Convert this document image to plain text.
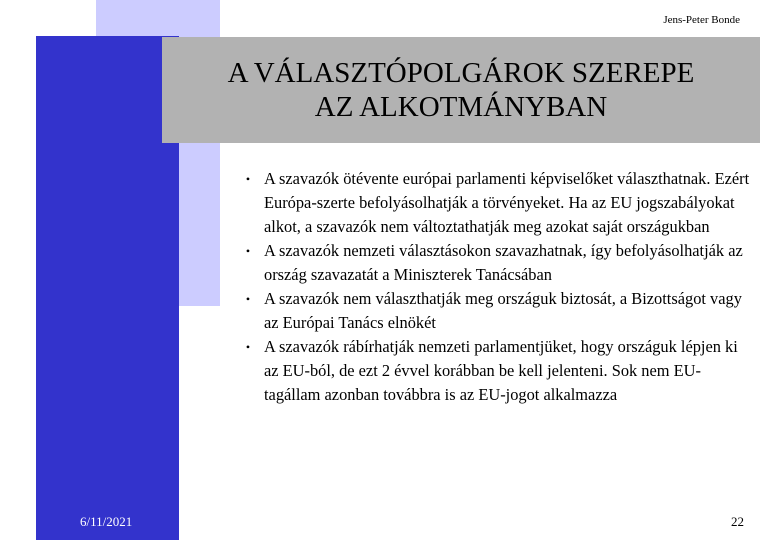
Jens-Peter Bonde
A VÁLASZTÓPOLGÁROK SZEREPE
AZ ALKOTMÁNYBAN
• A szavazók ötévente európai parlamenti képviselőket választhatnak. Ezért Európa-szerte befolyásolhatják a törvényeket. Ha az EU jogszabályokat alkot, a szavazók nem változtathatják meg azokat saját országukban
• A szavazók nemzeti választásokon szavazhatnak, így befolyásolhatják az ország szavazatát a Miniszterek Tanácsában
• A szavazók nem választhatják meg országuk biztosát, a Bizottságot vagy az Európai Tanács elnökét
• A szavazók rábírhatják nemzeti parlamentjüket, hogy országuk lépjen ki az EU-ból, de ezt 2 évvel korábban be kell jelenteni. Sok nem EU-tagállam azonban továbbra is az EU-jogot alkalmazza
6/11/2021	22
